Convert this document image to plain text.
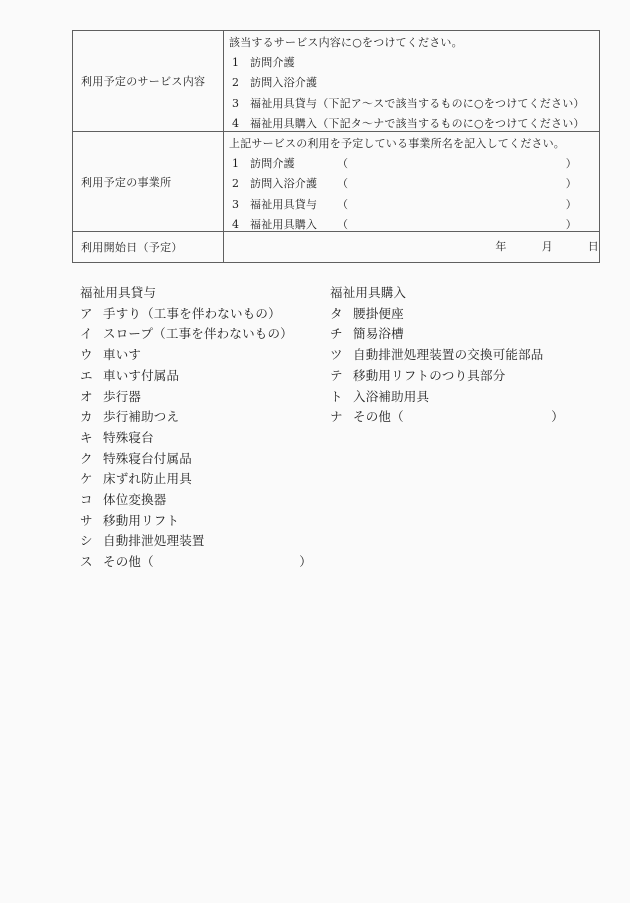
利用予定のサービス内容
該当するサービス内容に○をつけてください。
1 訪問介護
2 訪問入浴介護
3 福祉用具貸与（下記ア～スで該当するものに○をつけてください）
4 福祉用具購入（下記タ～ナで該当するものに○をつけてください）
利用予定の事業所
上記サービスの利用を予定している事業所名を記入してください。
1 訪問介護	（	）
2 訪問入浴介護	（	）
3 福祉用具貸与	（	）
4 福祉用具購入	（	）
利用開始日（予定）	年	月	日
福祉用具貸与
ア 手すり（工事を伴わないもの）
イ スロープ（工事を伴わないもの）
ウ 車いす
エ 車いす付属品
オ 歩行器
カ 歩行補助つえ
キ 特殊寝台
ク 特殊寝台付属品
ケ 床ずれ防止用具
コ 体位変換器
サ 移動用リフト
シ 自動排泄処理装置
ス その他（	）
福祉用具購入
タ 腰掛便座
チ 簡易浴槽
ツ 自動排泄処理装置の交換可能部品
テ 移動用リフトのつり具部分
ト 入浴補助用具
ナ その他（	）
